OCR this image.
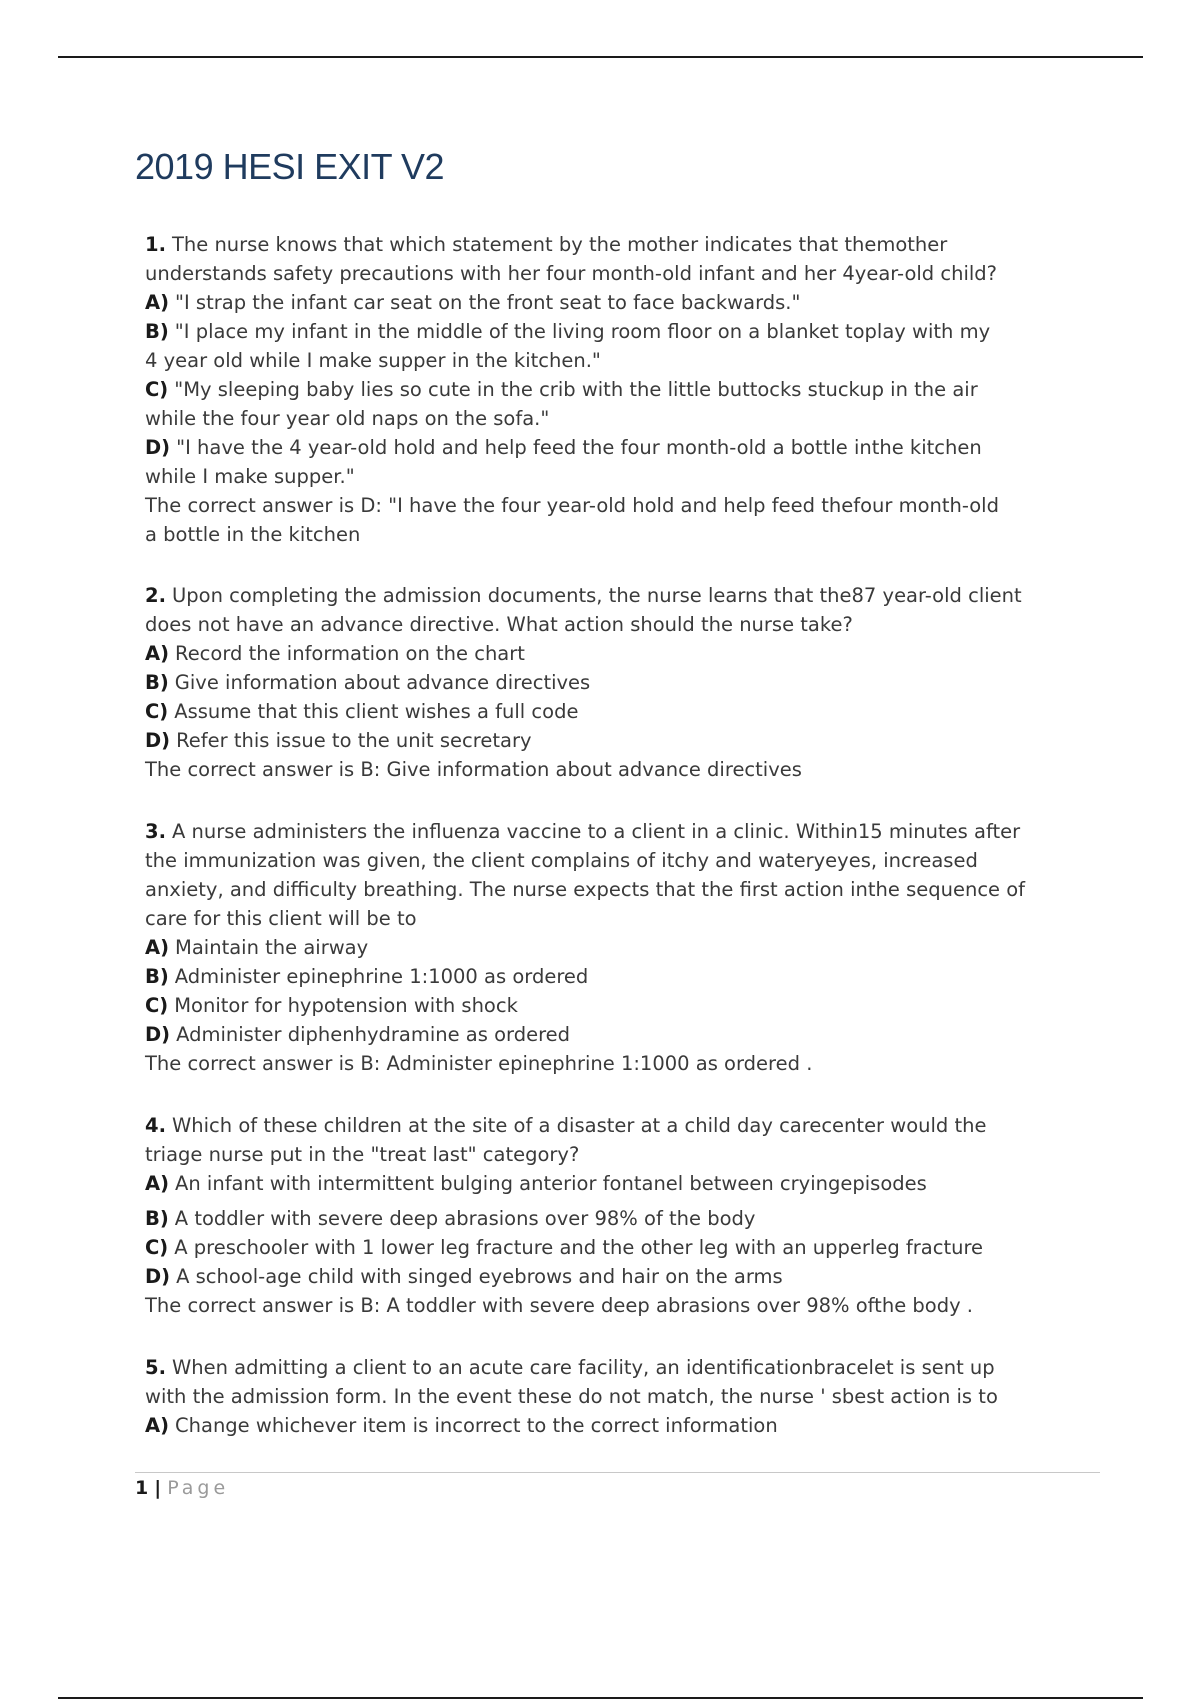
2019 HESI EXIT V2

1. The nurse knows that which statement by the mother indicates that themother

understands safety precautions with her four month-old infant and her 4year-old child?

A) "I strap the infant car seat on the front seat to face backwards."

B) "I place my infant in the middle of the living room floor on a blanket toplay with my

4 year old while I make supper in the kitchen."

C) "My sleeping baby lies so cute in the crib with the little buttocks stuckup in the air

while the four year old naps on the sofa."

D) "I have the 4 year-old hold and help feed the four month-old a bottle inthe kitchen

while I make supper."

The correct answer is D: "I have the four year-old hold and help feed thefour month-old

a bottle in the kitchen

2. Upon completing the admission documents, the nurse learns that the87 year-old client

does not have an advance directive. What action should the nurse take?

A) Record the information on the chart

B) Give information about advance directives

C) Assume that this client wishes a full code

D) Refer this issue to the unit secretary

The correct answer is B: Give information about advance directives

3. A nurse administers the influenza vaccine to a client in a clinic. Within15 minutes after

the immunization was given, the client complains of itchy and wateryeyes, increased

anxiety, and difficulty breathing. The nurse expects that the first action inthe sequence of

care for this client will be to

A) Maintain the airway

B) Administer epinephrine 1:1000 as ordered

C) Monitor for hypotension with shock

D) Administer diphenhydramine as ordered

The correct answer is B: Administer epinephrine 1:1000 as ordered .

4. Which of these children at the site of a disaster at a child day carecenter would the

triage nurse put in the "treat last" category?

A) An infant with intermittent bulging anterior fontanel between cryingepisodes

B) A toddler with severe deep abrasions over 98% of the body

C) A preschooler with 1 lower leg fracture and the other leg with an upperleg fracture

D) A school-age child with singed eyebrows and hair on the arms

The correct answer is B: A toddler with severe deep abrasions over 98% ofthe body .

5. When admitting a client to an acute care facility, an identificationbracelet is sent up

with the admission form. In the event these do not match, the nurse ' sbest action is to

A) Change whichever item is incorrect to the correct information

1 | Page
